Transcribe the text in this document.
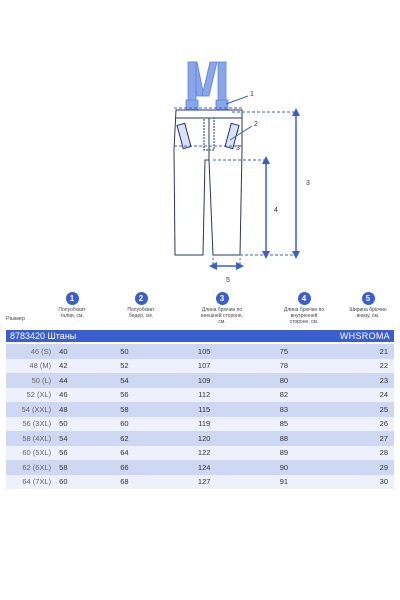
1
2
3
3
4
5
1
Полуобхват талии, см.
2
Полуобхват бедер, см.
3
Длина брючин по внешней стороне, см.
4
Длина брючин по внутренней стороне, см.
5
Ширина брючин внизу, см.
Размер
8783420 Штаны	WHSROMA
46 (S)	40	50	105	75	21
48 (M)	42	52	107	78	22
50 (L)	44	54	109	80	23
52 (XL)	46	56	112	82	24
54 (XXL)	48	58	115	83	25
56 (3XL)	50	60	119	85	26
58 (4XL)	54	62	120	88	27
60 (5XL)	56	64	122	89	28
62 (6XL)	58	66	124	90	29
64 (7XL)	60	68	127	91	30
